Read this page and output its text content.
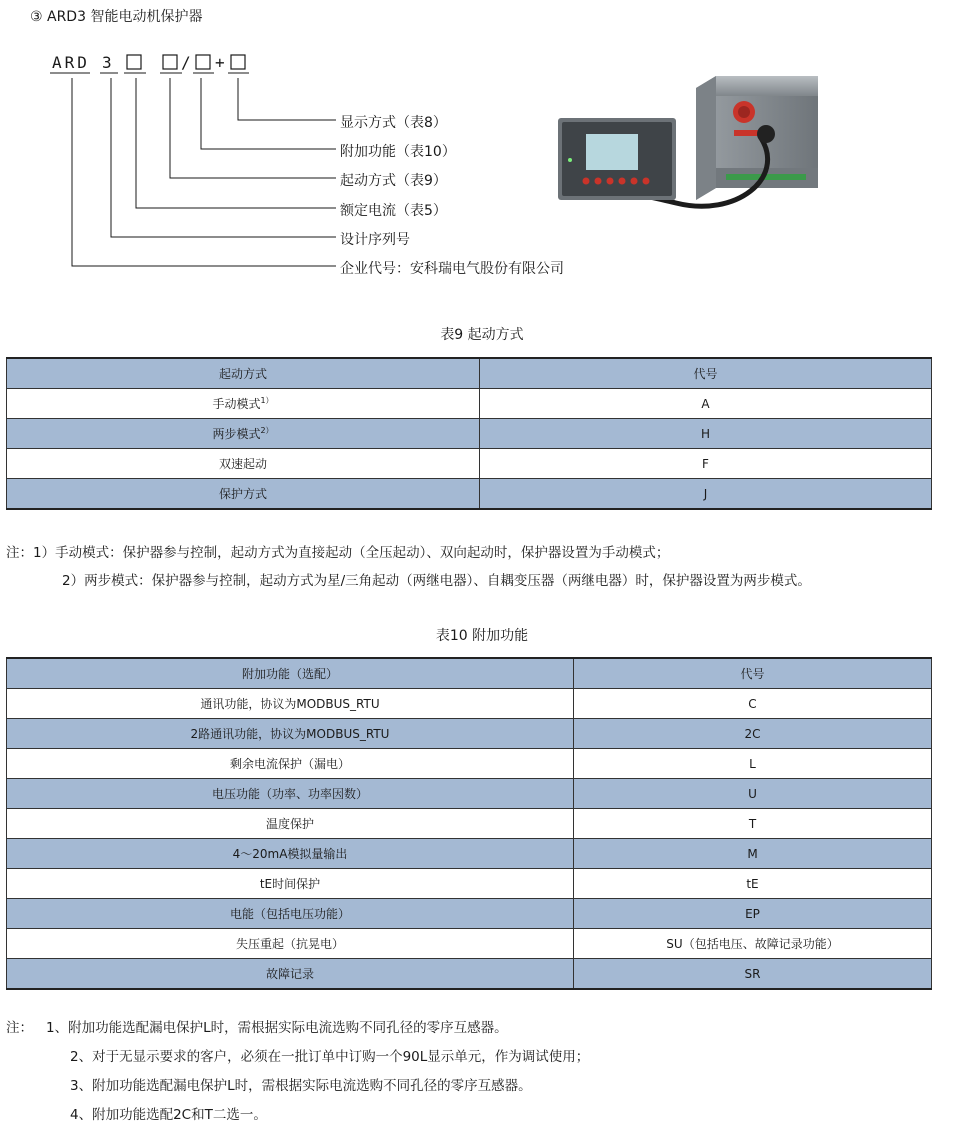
③ ARD3 智能电动机保护器
ARD 3	/ +
显示方式（表8）
附加功能（表10）
起动方式（表9）
额定电流（表5）
设计序列号
企业代号：安科瑞电气股份有限公司
表9 起动方式
起动方式	代号
手动模式$^{1)}$	A
两步模式$^{2)}$	H
双速起动	F
保护方式	J
注：1）手动模式：保护器参与控制，起动方式为直接起动（全压起动）、双向起动时，保护器设置为手动模式；
2）两步模式：保护器参与控制，起动方式为星/三角起动（两继电器）、自耦变压器（两继电器）时，保护器设置为两步模式。
表10 附加功能
附加功能（选配）	代号
通讯功能，协议为MODBUS_RTU	C
2路通讯功能，协议为MODBUS_RTU	2C
剩余电流保护（漏电）	L
电压功能（功率、功率因数）	U
温度保护	T
4～20mA模拟量输出	M
tE时间保护	tE
电能（包括电压功能）	EP
失压重起（抗晃电）	SU（包括电压、故障记录功能）
故障记录	SR
注： 1、附加功能选配漏电保护L时，需根据实际电流选购不同孔径的零序互感器。
2、对于无显示要求的客户，必须在一批订单中订购一个90L显示单元，作为调试使用；
3、附加功能选配漏电保护L时，需根据实际电流选购不同孔径的零序互感器。
4、附加功能选配2C和T二选一。
